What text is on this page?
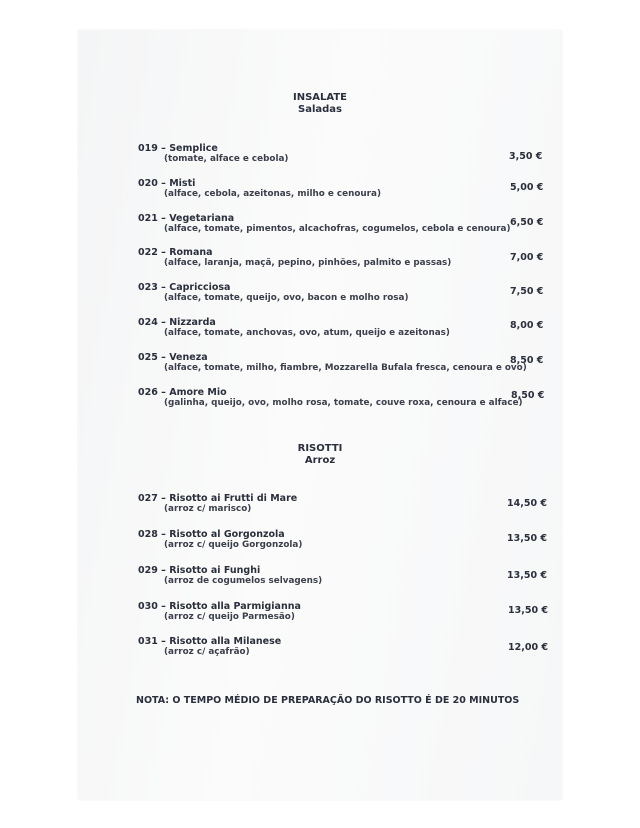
INSALATE
Saladas
019 – Semplice
(tomate, alface e cebola)	3,50 €
020 – Misti
(alface, cebola, azeitonas, milho e cenoura)
5,00 €
021 – Vegetariana
(alface, tomate, pimentos, alcachofras, cogumelos, cebola e cenoura)
6,50 €
022 – Romana
(alface, laranja, maçã, pepino, pinhões, palmito e passas)	7,00 €
023 – Capricciosa
(alface, tomate, queijo, ovo, bacon e molho rosa)
7,50 €
024 – Nizzarda
(alface, tomate, anchovas, ovo, atum, queijo e azeitonas)
8,00 €
025 – Veneza
(alface, tomate, milho, fiambre, Mozzarella Bufala fresca, cenoura e ovo)
8,50 €
026 – Amore Mio
(galinha, queijo, ovo, molho rosa, tomate, couve roxa, cenoura e alface)
8,50 €
RISOTTI
Arroz
027 – Risotto ai Frutti di Mare
(arroz c/ marisco)	14,50 €
028 – Risotto al Gorgonzola
(arroz c/ queijo Gorgonzola)
13,50 €
029 – Risotto ai Funghi
(arroz de cogumelos selvagens)	13,50 €
030 – Risotto alla Parmigianna
(arroz c/ queijo Parmesão)
13,50 €
031 – Risotto alla Milanese
(arroz c/ açafrão)	12,00 €
NOTA: O TEMPO MÉDIO DE PREPARAÇÃO DO RISOTTO É DE 20 MINUTOS
